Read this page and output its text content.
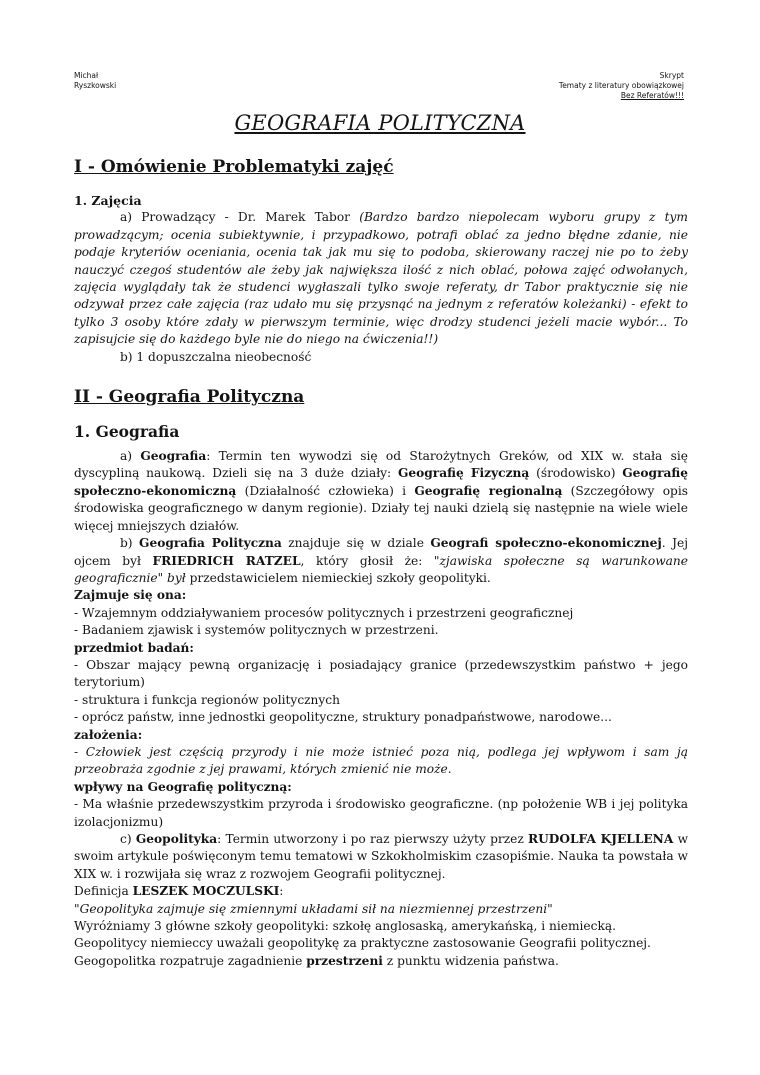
Michał
Ryszkowski
Skrypt
Tematy z literatury obowiązkowej
Bez Referatów!!!
GEOGRAFIA POLITYCZNA
I - Omówienie Problematyki zajęć
1. Zajęcia

a) Prowadzący - Dr. Marek Tabor (Bardzo bardzo niepolecam wyboru grupy z tym prowadzącym; ocenia subiektywnie, i przypadkowo, potrafi oblać za jedno błędne zdanie, nie podaje kryteriów oceniania, ocenia tak jak mu się to podoba, skierowany raczej nie po to żeby nauczyć czegoś studentów ale żeby jak największa ilość z nich oblać, połowa zajęć odwołanych, zajęcia wyglądały tak że studenci wygłaszali tylko swoje referaty, dr Tabor praktycznie się nie odzywał przez całe zajęcia (raz udało mu się przysnąć na jednym z referatów koleżanki) - efekt to tylko 3 osoby które zdały w pierwszym terminie, więc drodzy studenci jeżeli macie wybór... To zapisujcie się do każdego byle nie do niego na ćwiczenia!!)

b) 1 dopuszczalna nieobecność

II - Geografia Polityczna
1. Geografia

a) Geografia: Termin ten wywodzi się od Starożytnych Greków, od XIX w. stała się dyscypliną naukową. Dzieli się na 3 duże działy: Geografię Fizyczną (środowisko) Geografię społeczno-ekonomiczną (Działalność człowieka) i Geografię regionalną (Szczegółowy opis środowiska geograficznego w danym regionie). Działy tej nauki dzielą się następnie na wiele wiele więcej mniejszych działów.

b) Geografia Polityczna znajduje się w dziale Geografi społeczno-ekonomicznej. Jej ojcem był FRIEDRICH RATZEL, który głosił że: "zjawiska społeczne są warunkowane geograficznie" był przedstawicielem niemieckiej szkoły geopolityki.

Zajmuje się ona:

- Wzajemnym oddziaływaniem procesów politycznych i przestrzeni geograficznej

- Badaniem zjawisk i systemów politycznych w przestrzeni.

przedmiot badań:

- Obszar mający pewną organizację i posiadający granice (przedewszystkim państwo + jego terytorium)

- struktura i funkcja regionów politycznych

- oprócz państw, inne jednostki geopolityczne, struktury ponadpaństwowe, narodowe...

założenia:

- Człowiek jest częścią przyrody i nie może istnieć poza nią, podlega jej wpływom i sam ją przeobraża zgodnie z jej prawami, których zmienić nie może.

wpływy na Geografię polityczną:

- Ma właśnie przedewszystkim przyroda i środowisko geograficzne. (np położenie WB i jej polityka izolacjonizmu)

c) Geopolityka: Termin utworzony i po raz pierwszy użyty przez RUDOLFA KJELLENA w swoim artykule poświęconym temu tematowi w Szkokholmiskim czasopiśmie. Nauka ta powstała w XIX w. i rozwijała się wraz z rozwojem Geografii politycznej.

Definicja LESZEK MOCZULSKI:

"Geopolityka zajmuje się zmiennymi układami sił na niezmiennej przestrzeni"

Wyróżniamy 3 główne szkoły geopolityki: szkołę anglosaską, amerykańską, i niemiecką.

Geopolitycy niemieccy uważali geopolitykę za praktyczne zastosowanie Geografii politycznej.

Geogopolitka rozpatruje zagadnienie przestrzeni z punktu widzenia państwa.
